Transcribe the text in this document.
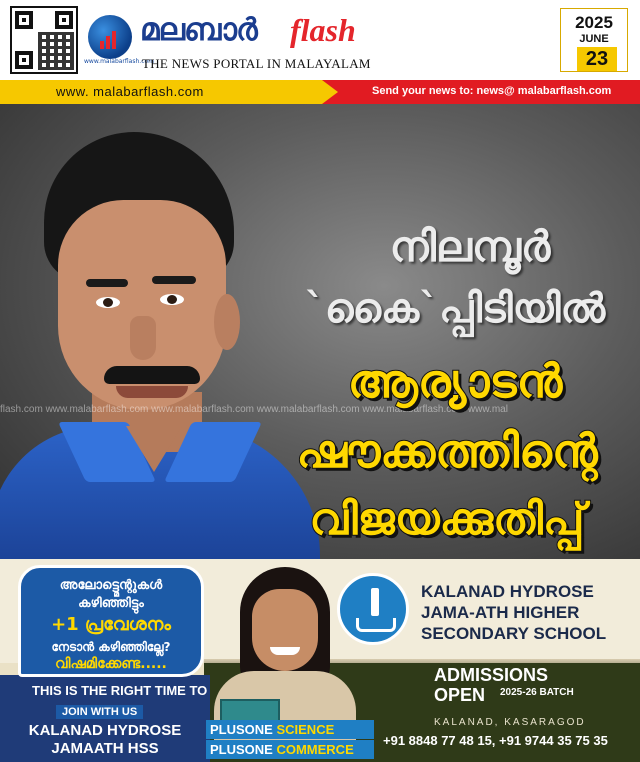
www.malabarflash.com
മലബാർ flash
THE NEWS PORTAL IN MALAYALAM
2025
JUNE
23
www. malabarflash.com	Send your news to: news@ malabarflash.com
flash.com www.malabarflash.com www.malabarflash.com www.malabarflash.com www.malabarflash.com www.mal
നിലമ്പൂർ
`കൈ`പ്പിടിയിൽ
ആര്യാടൻ
ഷൗക്കത്തിന്റെ
വിജയക്കുതിപ്പ്
അലോട്ട്മെന്റുകൾ
കഴിഞ്ഞിട്ടും
+1 പ്രവേശനം
നേടാൻ കഴിഞ്ഞില്ലേ?
വിഷമിക്കേണ്ട.....
THIS IS THE RIGHT TIME TO
JOIN WITH US
KALANAD HYDROSE
JAMAATH HSS
PLUSONE SCIENCE
PLUSONE COMMERCE
KALANAD HYDROSE
JAMA-ATH HIGHER
SECONDARY SCHOOL
ADMISSIONS
OPEN	2025-26 BATCH
KALANAD, KASARAGOD
+91 8848 77 48 15, +91 9744 35 75 35
